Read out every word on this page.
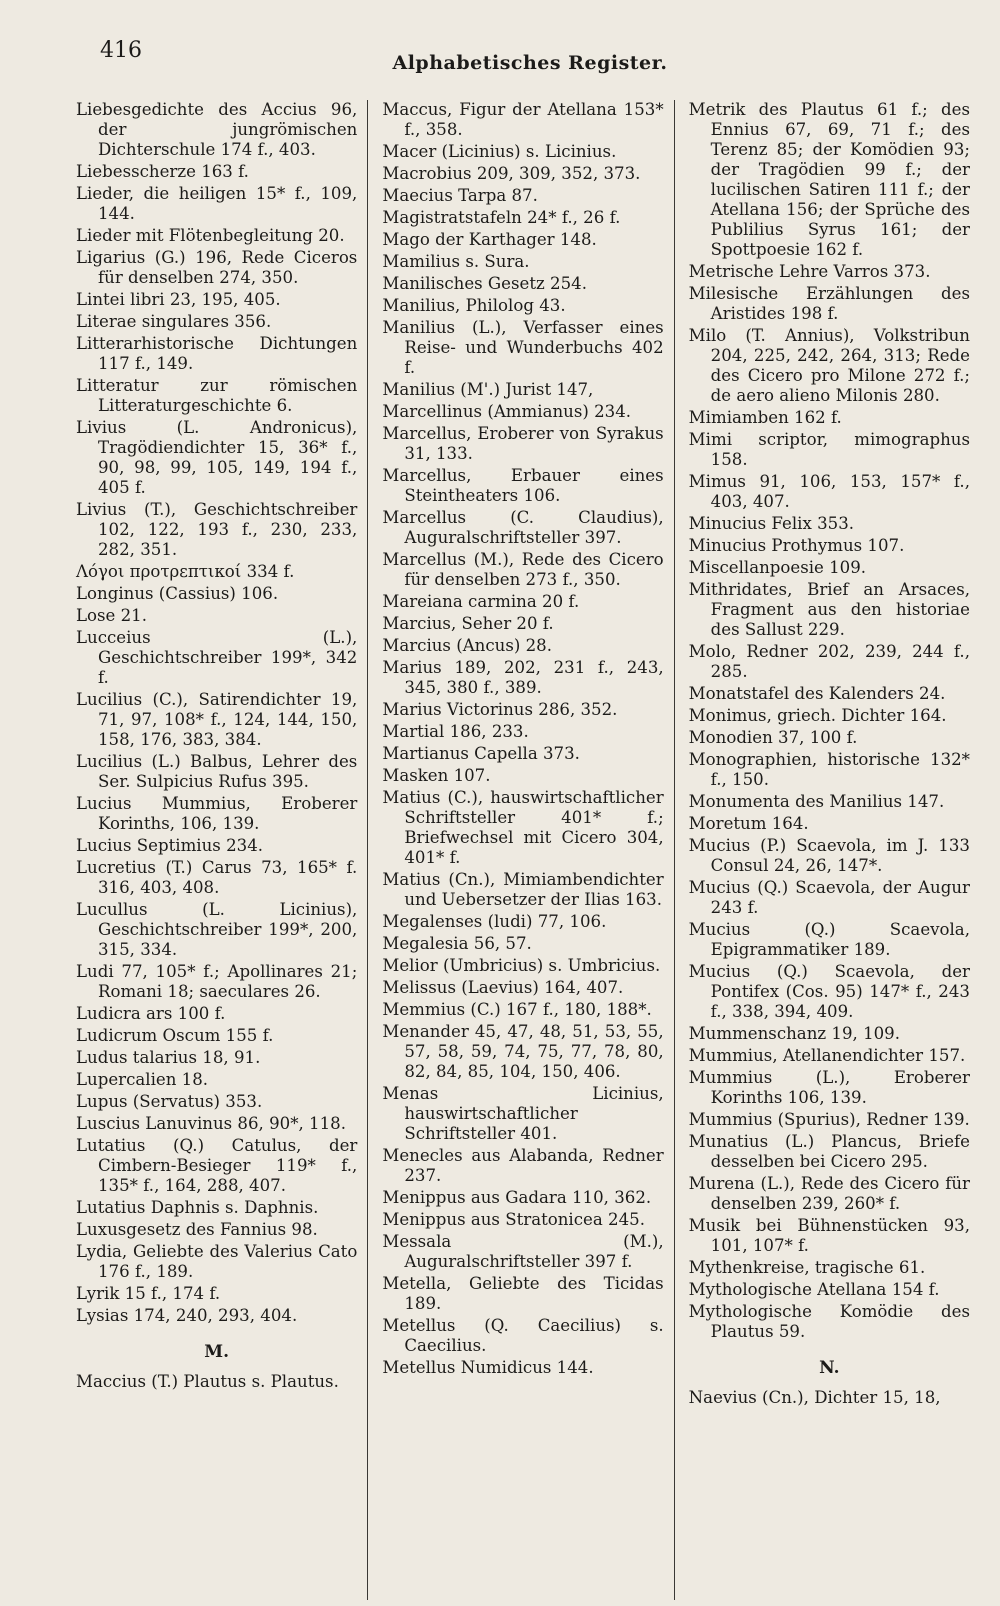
416	Alphabetisches Register.

Liebesgedichte des Accius 96, der jungrömischen Dichterschule 174 f., 403.

Liebesscherze 163 f.

Lieder, die heiligen 15* f., 109, 144.

Lieder mit Flötenbegleitung 20.

Ligarius (G.) 196, Rede Ciceros für denselben 274, 350.

Lintei libri 23, 195, 405.

Literae singulares 356.

Litterarhistorische Dichtungen 117 f., 149.

Litteratur zur römischen Litteraturgeschichte 6.

Livius (L. Andronicus), Tragödiendichter 15, 36* f., 90, 98, 99, 105, 149, 194 f., 405 f.

Livius (T.), Geschichtschreiber 102, 122, 193 f., 230, 233, 282, 351.

Λόγοι προτρεπτικοί 334 f.

Longinus (Cassius) 106.

Lose 21.

Lucceius (L.), Geschichtschreiber 199*, 342 f.

Lucilius (C.), Satirendichter 19, 71, 97, 108* f., 124, 144, 150, 158, 176, 383, 384.

Lucilius (L.) Balbus, Lehrer des Ser. Sulpicius Rufus 395.

Lucius Mummius, Eroberer Korinths, 106, 139.

Lucius Septimius 234.

Lucretius (T.) Carus 73, 165* f. 316, 403, 408.

Lucullus (L. Licinius), Geschichtschreiber 199*, 200, 315, 334.

Ludi 77, 105* f.; Apollinares 21; Romani 18; saeculares 26.

Ludicra ars 100 f.

Ludicrum Oscum 155 f.

Ludus talarius 18, 91.

Lupercalien 18.

Lupus (Servatus) 353.

Luscius Lanuvinus 86, 90*, 118.

Lutatius (Q.) Catulus, der Cimbern-Besieger 119* f., 135* f., 164, 288, 407.

Lutatius Daphnis s. Daphnis.

Luxusgesetz des Fannius 98.

Lydia, Geliebte des Valerius Cato 176 f., 189.

Lyrik 15 f., 174 f.

Lysias 174, 240, 293, 404.

M.

Maccius (T.) Plautus s. Plautus.

Maccus, Figur der Atellana 153* f., 358.

Macer (Licinius) s. Licinius.

Macrobius 209, 309, 352, 373.

Maecius Tarpa 87.

Magistratstafeln 24* f., 26 f.

Mago der Karthager 148.

Mamilius s. Sura.

Manilisches Gesetz 254.

Manilius, Philolog 43.

Manilius (L.), Verfasser eines Reise- und Wunderbuchs 402 f.

Manilius (M'.) Jurist 147,

Marcellinus (Ammianus) 234.

Marcellus, Eroberer von Syrakus 31, 133.

Marcellus, Erbauer eines Steintheaters 106.

Marcellus (C. Claudius), Auguralschriftsteller 397.

Marcellus (M.), Rede des Cicero für denselben 273 f., 350.

Mareiana carmina 20 f.

Marcius, Seher 20 f.

Marcius (Ancus) 28.

Marius 189, 202, 231 f., 243, 345, 380 f., 389.

Marius Victorinus 286, 352.

Martial 186, 233.

Martianus Capella 373.

Masken 107.

Matius (C.), hauswirtschaftlicher Schriftsteller 401* f.; Briefwechsel mit Cicero 304, 401* f.

Matius (Cn.), Mimiambendichter und Uebersetzer der Ilias 163.

Megalenses (ludi) 77, 106.

Megalesia 56, 57.

Melior (Umbricius) s. Umbricius.

Melissus (Laevius) 164, 407.

Memmius (C.) 167 f., 180, 188*.

Menander 45, 47, 48, 51, 53, 55, 57, 58, 59, 74, 75, 77, 78, 80, 82, 84, 85, 104, 150, 406.

Menas Licinius, hauswirtschaftlicher Schriftsteller 401.

Menecles aus Alabanda, Redner 237.

Menippus aus Gadara 110, 362.

Menippus aus Stratonicea 245.

Messala (M.), Auguralschriftsteller 397 f.

Metella, Geliebte des Ticidas 189.

Metellus (Q. Caecilius) s. Caecilius.

Metellus Numidicus 144.

Metrik des Plautus 61 f.; des Ennius 67, 69, 71 f.; des Terenz 85; der Komödien 93; der Tragödien 99 f.; der lucilischen Satiren 111 f.; der Atellana 156; der Sprüche des Publilius Syrus 161; der Spottpoesie 162 f.

Metrische Lehre Varros 373.

Milesische Erzählungen des Aristides 198 f.

Milo (T. Annius), Volkstribun 204, 225, 242, 264, 313; Rede des Cicero pro Milone 272 f.; de aero alieno Milonis 280.

Mimiamben 162 f.

Mimi scriptor, mimographus 158.

Mimus 91, 106, 153, 157* f., 403, 407.

Minucius Felix 353.

Minucius Prothymus 107.

Miscellanpoesie 109.

Mithridates, Brief an Arsaces, Fragment aus den historiae des Sallust 229.

Molo, Redner 202, 239, 244 f., 285.

Monatstafel des Kalenders 24.

Monimus, griech. Dichter 164.

Monodien 37, 100 f.

Monographien, historische 132* f., 150.

Monumenta des Manilius 147.

Moretum 164.

Mucius (P.) Scaevola, im J. 133 Consul 24, 26, 147*.

Mucius (Q.) Scaevola, der Augur 243 f.

Mucius (Q.) Scaevola, Epigrammatiker 189.

Mucius (Q.) Scaevola, der Pontifex (Cos. 95) 147* f., 243 f., 338, 394, 409.

Mummenschanz 19, 109.

Mummius, Atellanendichter 157.

Mummius (L.), Eroberer Korinths 106, 139.

Mummius (Spurius), Redner 139.

Munatius (L.) Plancus, Briefe desselben bei Cicero 295.

Murena (L.), Rede des Cicero für denselben 239, 260* f.

Musik bei Bühnenstücken 93, 101, 107* f.

Mythenkreise, tragische 61.

Mythologische Atellana 154 f.

Mythologische Komödie des Plautus 59.

N.

Naevius (Cn.), Dichter 15, 18,
